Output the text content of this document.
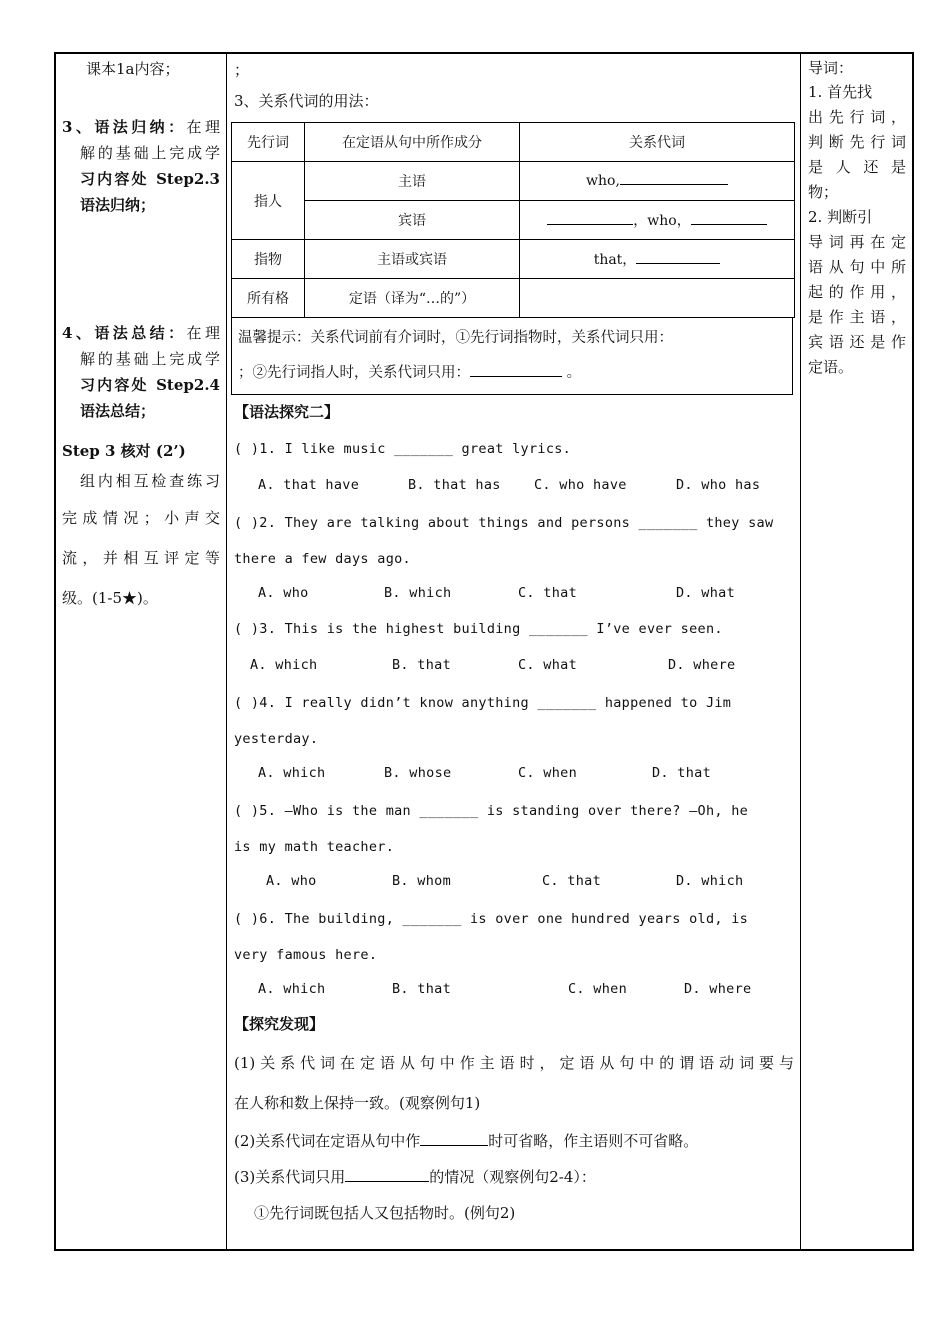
课本1a内容；

3、语法归纳：在理

解的基础上完成学

习内容处 Step2.3

语法归纳；

4、语法总结：在理

解的基础上完成学

习内容处 Step2.4

语法总结；

Step 3 核对 (2’)

组内相互检查练习

完成情况；小声交

流，并相互评定等

级。(1-5★)。

；

3、关系代词的用法：

先行词	在定语从句中所作成分	关系代词
指人	主语	who,
	宾语	，who，
指物	主语或宾语	that，
所有格	定语（译为“…的”）	

温馨提示：关系代词前有介词时，①先行词指物时，关系代词只用：

；②先行词指人时，关系代词只用：	。

【语法探究二】
( )1. I like music _______ great lyrics.
A. that have	B. that has C. who have	D. who has
( )2. They are talking about things and persons _______ they saw
there a few days ago.
A. who	B. which	C. that	D. what
( )3. This is the highest building _______ I’ve ever seen.
A. which	B. that	C. what	D. where
( )4. I really didn’t know anything _______ happened to Jim
yesterday.
A. which	B. whose	C. when	D. that
( )5. —Who is the man _______ is standing over there? —Oh, he
is my math teacher.
A. who	B. whom	C. that	D. which
( )6. The building, _______ is over one hundred years old, is
very famous here.
A. which	B. that	C. when	D. where
【探究发现】
(1)关系代词在定语从句中作主语时，定语从句中的谓语动词要与
在人称和数上保持一致。(观察例句1)
(2)关系代词在定语从句中作	时可省略，作主语则不可省略。
(3)关系代词只用	的情况（观察例句2-4）：
①先行词既包括人又包括物时。(例句2)

导词：

1. 首先找

出先行词，

判断先行词

是人还是

物；

2. 判断引

导词再在定

语从句中所

起的作用，

是作主语，

宾语还是作

定语。
